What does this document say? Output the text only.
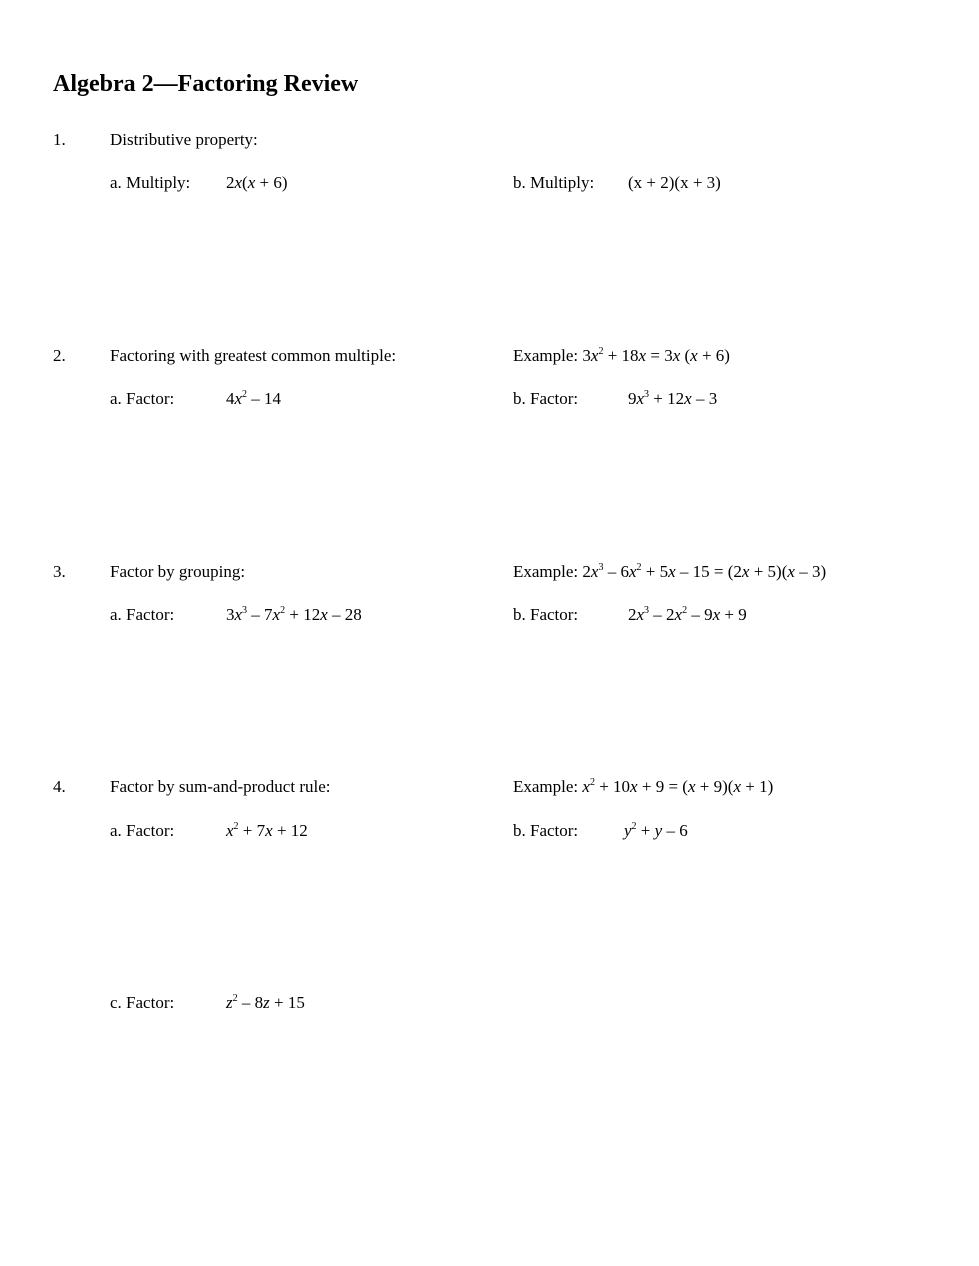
Algebra 2—Factoring Review
1.	Distributive property:
a. Multiply: 2x(x + 6)	b. Multiply: (x + 2)(x + 3)
2.	Factoring with greatest common multiple:	Example: $3x^2 + 18x = 3x$ (x + 6)
a. Factor:	$4x^2 - 14$	b. Factor:	$9x^3 + 12x - 3$
3.	Factor by grouping:	Example: $2x^3 - 6x^2 + 5x - 15 = (2x + 5)(x - 3)$
a. Factor:	$3x^3 - 7x^2 + 12x - 28$	b. Factor:	$2x^3 - 2x^2 - 9x + 9$
4.	Factor by sum-and-product rule:	Example: $x^2 + 10x + 9 = (x + 9)(x + 1)$
a. Factor:	$x^2 + 7x + 12$	b. Factor:	$y^2 + y - 6$
c. Factor:	$z^2 - 8z + 15$
